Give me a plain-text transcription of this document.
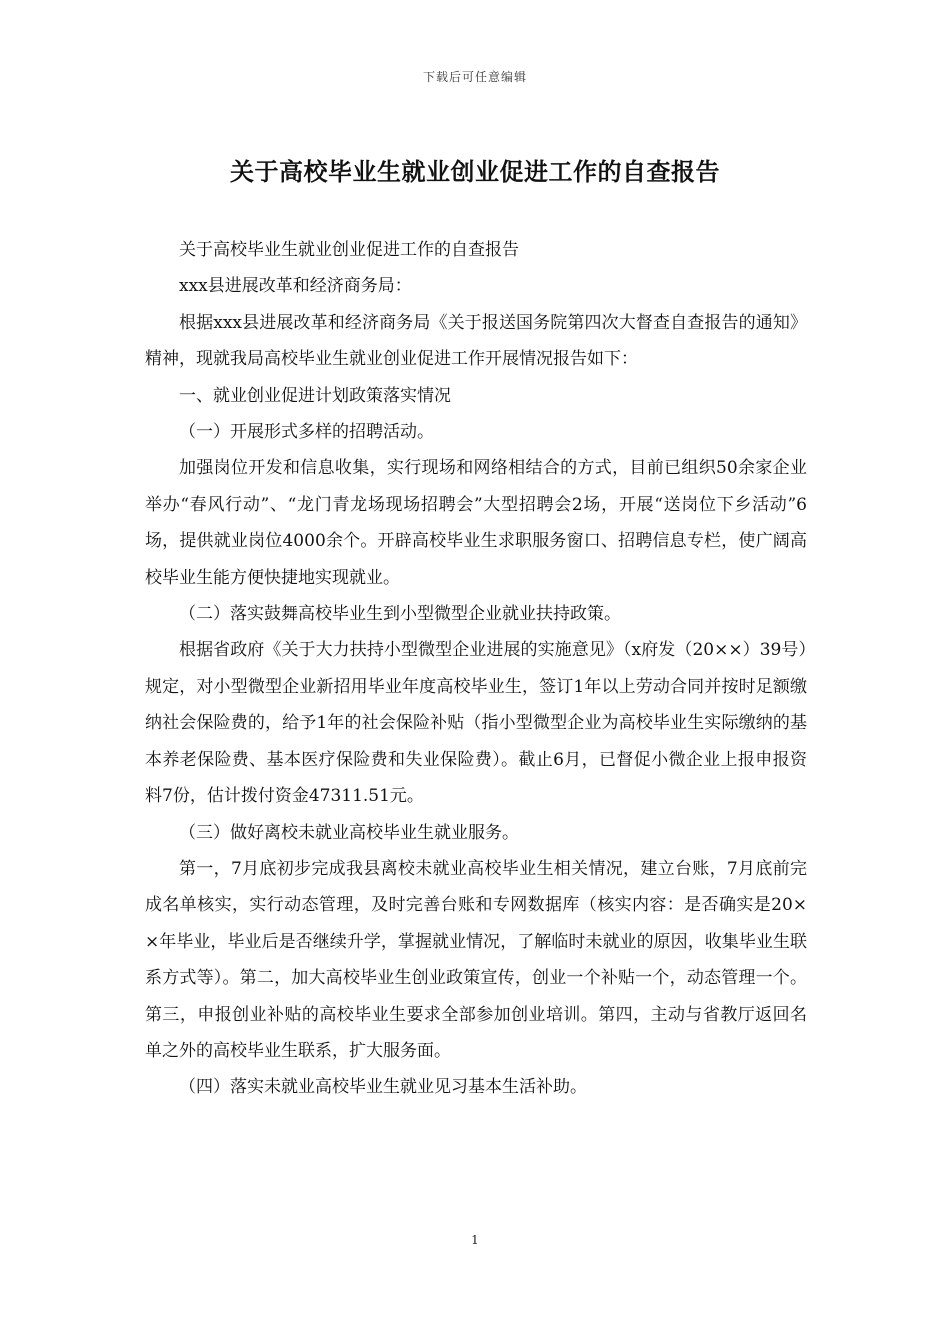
下载后可任意编辑
关于高校毕业生就业创业促进工作的自查报告

关于高校毕业生就业创业促进工作的自查报告

xxx县进展改革和经济商务局：

根据xxx县进展改革和经济商务局《关于报送国务院第四次大督查自查报告的通知》精神，现就我局高校毕业生就业创业促进工作开展情况报告如下：

一、就业创业促进计划政策落实情况

（一）开展形式多样的招聘活动。

加强岗位开发和信息收集，实行现场和网络相结合的方式，目前已组织50余家企业举办“春风行动”、“龙门青龙场现场招聘会”大型招聘会2场，开展“送岗位下乡活动”6场，提供就业岗位4000余个。开辟高校毕业生求职服务窗口、招聘信息专栏，使广阔高校毕业生能方便快捷地实现就业。

（二）落实鼓舞高校毕业生到小型微型企业就业扶持政策。

根据省政府《关于大力扶持小型微型企业进展的实施意见》（x府发（20××）39号）规定，对小型微型企业新招用毕业年度高校毕业生，签订1年以上劳动合同并按时足额缴纳社会保险费的，给予1年的社会保险补贴（指小型微型企业为高校毕业生实际缴纳的基本养老保险费、基本医疗保险费和失业保险费）。截止6月，已督促小微企业上报申报资料7份，估计拨付资金47311.51元。

（三）做好离校未就业高校毕业生就业服务。

第一，7月底初步完成我县离校未就业高校毕业生相关情况，建立台账，7月底前完成名单核实，实行动态管理，及时完善台账和专网数据库（核实内容：是否确实是20××年毕业，毕业后是否继续升学，掌握就业情况，了解临时未就业的原因，收集毕业生联系方式等）。第二，加大高校毕业生创业政策宣传，创业一个补贴一个，动态管理一个。第三，申报创业补贴的高校毕业生要求全部参加创业培训。第四，主动与省教厅返回名单之外的高校毕业生联系，扩大服务面。

（四）落实未就业高校毕业生就业见习基本生活补助。

1
